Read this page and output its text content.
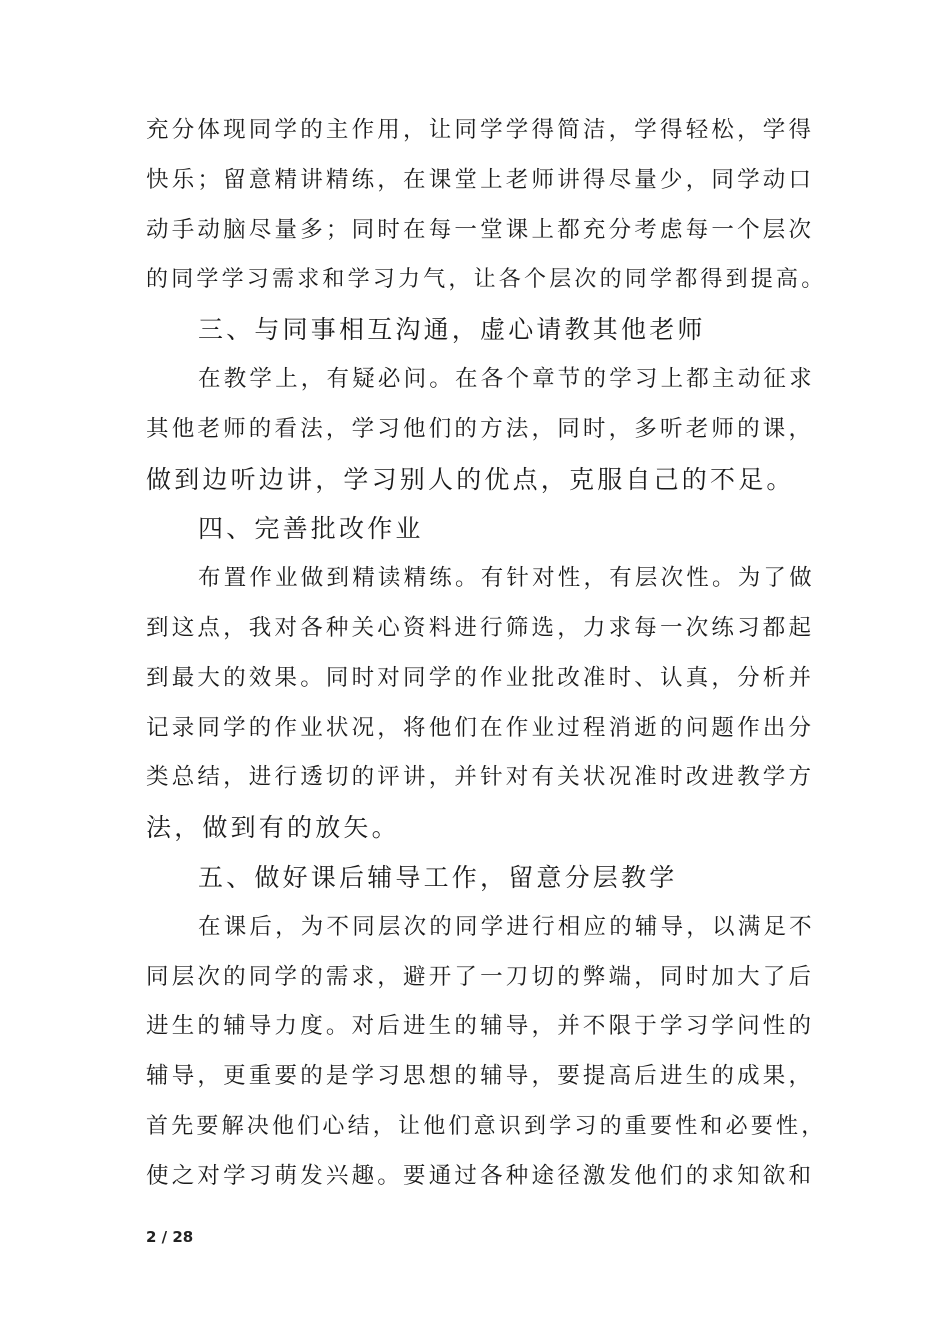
充分体现同学的主作用，让同学学得简洁，学得轻松，学得
快乐；留意精讲精练，在课堂上老师讲得尽量少，同学动口
动手动脑尽量多；同时在每一堂课上都充分考虑每一个层次
的同学学习需求和学习力气，让各个层次的同学都得到提高。
三、与同事相互沟通，虚心请教其他老师
在教学上，有疑必问。在各个章节的学习上都主动征求
其他老师的看法，学习他们的方法，同时，多听老师的课，
做到边听边讲，学习别人的优点，克服自己的不足。
四、完善批改作业
布置作业做到精读精练。有针对性，有层次性。为了做
到这点，我对各种关心资料进行筛选，力求每一次练习都起
到最大的效果。同时对同学的作业批改准时、认真，分析并
记录同学的作业状况，将他们在作业过程消逝的问题作出分
类总结，进行透切的评讲，并针对有关状况准时改进教学方
法，做到有的放矢。
五、做好课后辅导工作，留意分层教学
在课后，为不同层次的同学进行相应的辅导，以满足不
同层次的同学的需求，避开了一刀切的弊端，同时加大了后
进生的辅导力度。对后进生的辅导，并不限于学习学问性的
辅导，更重要的是学习思想的辅导，要提高后进生的成果，
首先要解决他们心结，让他们意识到学习的重要性和必要性，
使之对学习萌发兴趣。要通过各种途径激发他们的求知欲和
2 / 28
